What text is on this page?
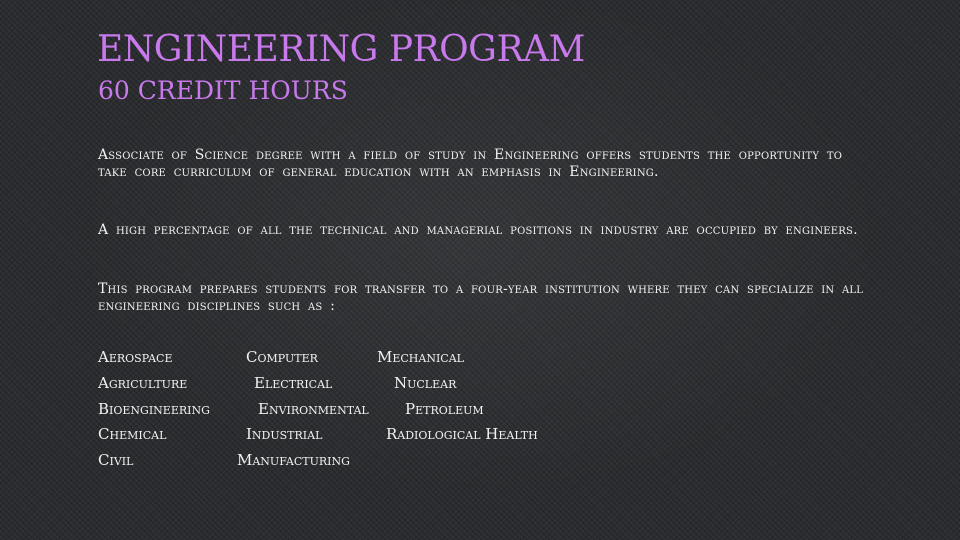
ENGINEERING PROGRAM
60 CREDIT HOURS

Associate of Science degree with a field of study in Engineering offers students the opportunity to take core curriculum of general education with an emphasis in Engineering.

A high percentage of all the technical and managerial positions in industry are occupied by engineers.

This program prepares students for transfer to a four-year institution where they can specialize in all engineering disciplines such as :

Aerospace
Agriculture
Bioengineering
Chemical
Civil
Computer
Electrical
Environmental
Industrial
Manufacturing
Mechanical
Nuclear
Petroleum
Radiological Health
